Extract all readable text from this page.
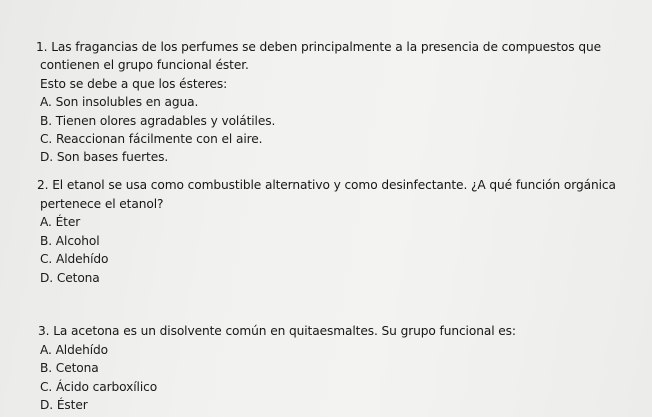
1. Las fragancias de los perfumes se deben principalmente a la presencia de compuestos que
contienen el grupo funcional éster.
Esto se debe a que los ésteres:
A. Son insolubles en agua.
B. Tienen olores agradables y volátiles.
C. Reaccionan fácilmente con el aire.
D. Son bases fuertes.
2. El etanol se usa como combustible alternativo y como desinfectante. ¿A qué función orgánica
pertenece el etanol?
A. Éter
B. Alcohol
C. Aldehído
D. Cetona
3. La acetona es un disolvente común en quitaesmaltes. Su grupo funcional es:
A. Aldehído
B. Cetona
C. Ácido carboxílico
D. Éster
